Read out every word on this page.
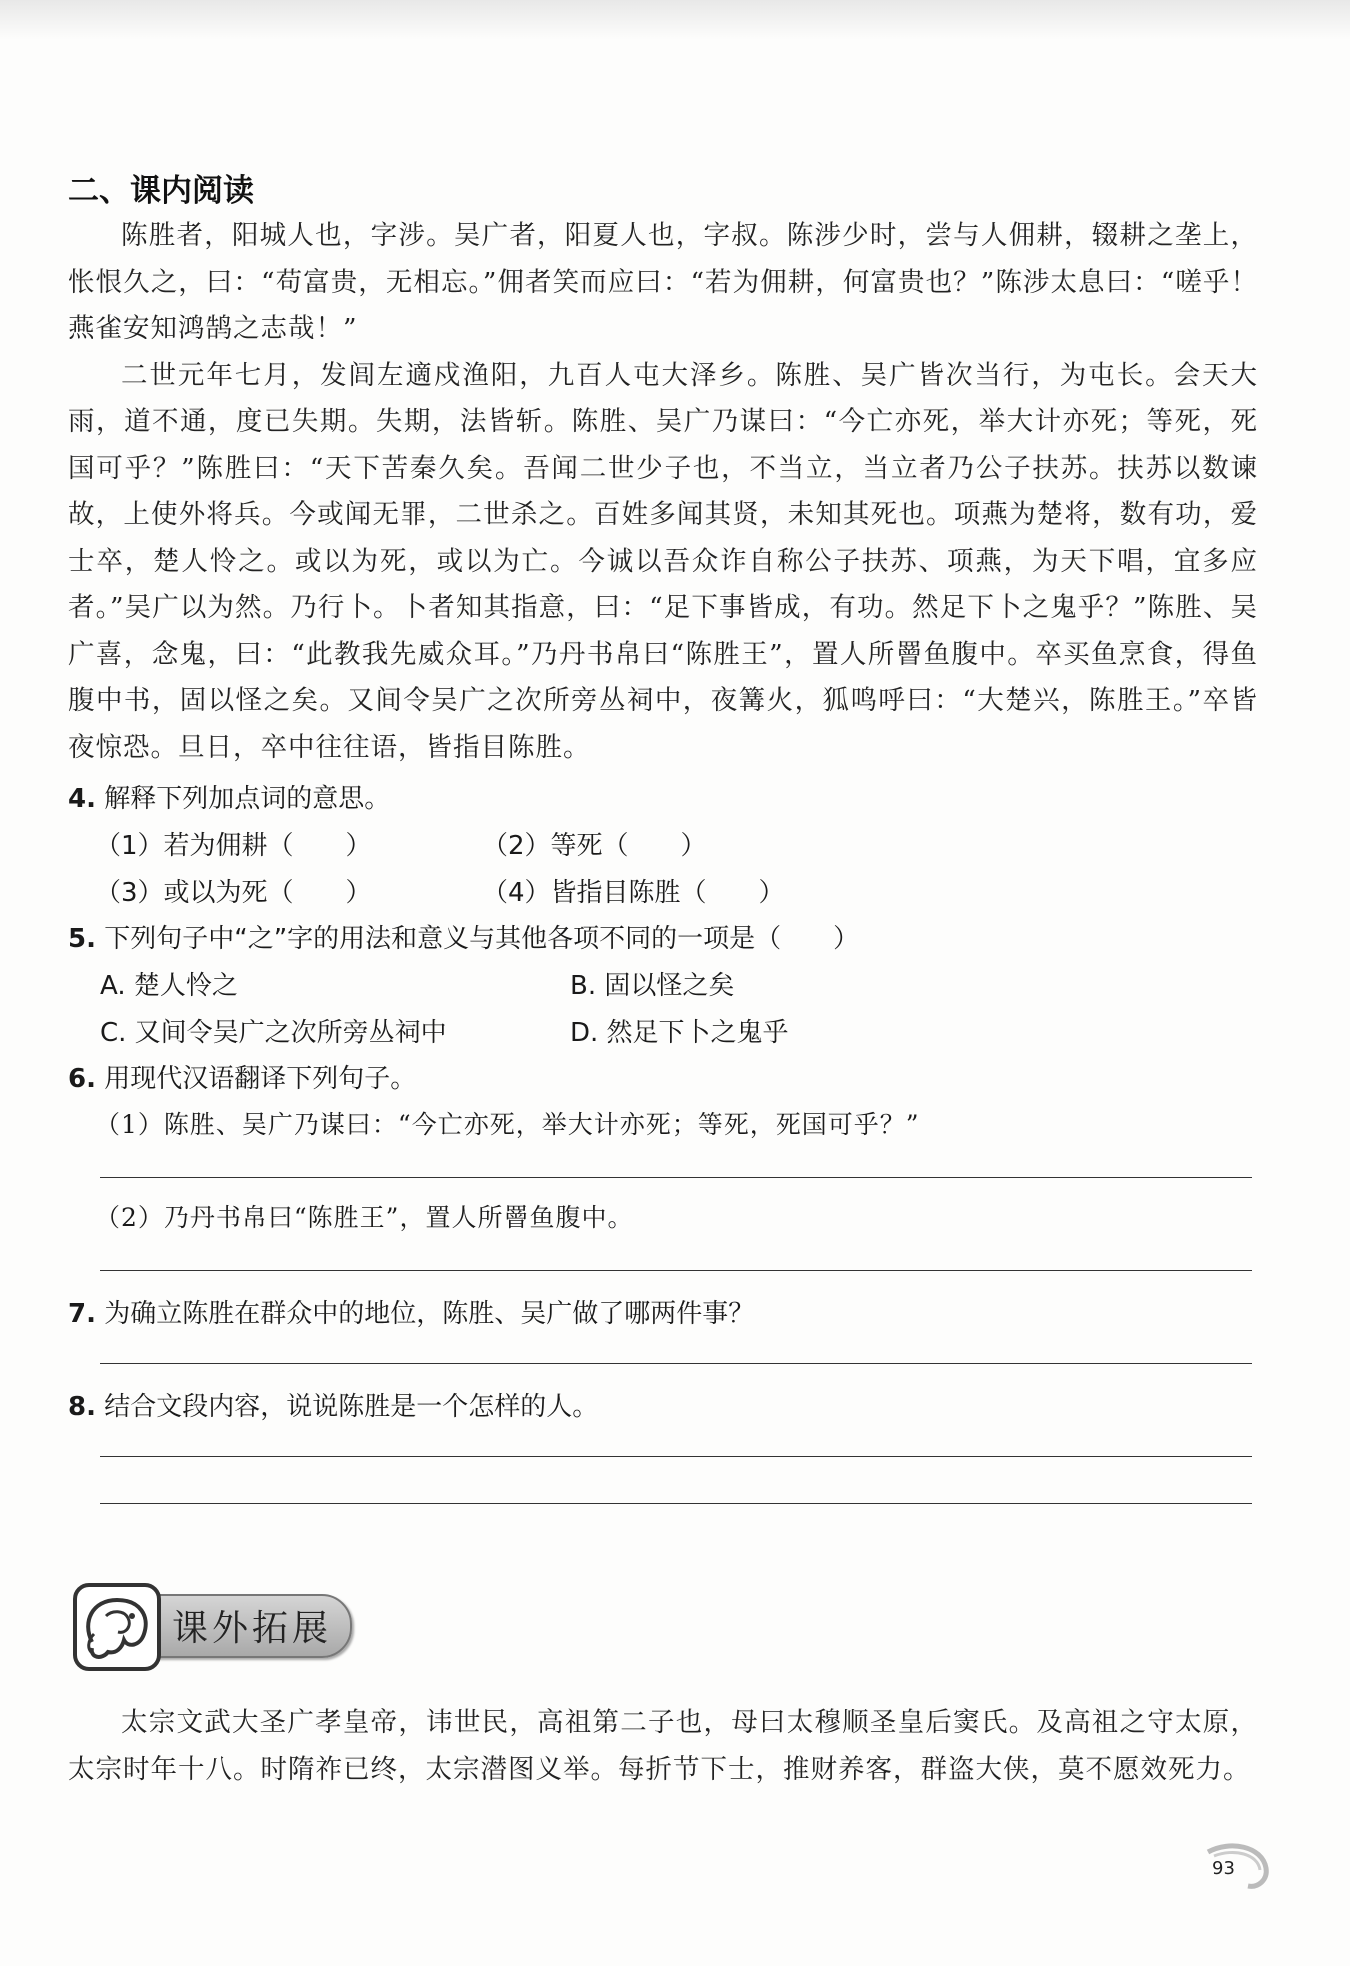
二、课内阅读

陈胜者，阳城人也，字涉。吴广者，阳夏人也，字叔。陈涉少时，尝与人佣耕，辍耕之垄上，怅恨久之，曰：“苟富贵，无相忘。”佣者笑而应曰：“若为佣耕，何富贵也？”陈涉太息曰：“嗟乎！燕雀安知鸿鹄之志哉！”

二世元年七月，发闾左適戍渔阳，九百人屯大泽乡。陈胜、吴广皆次当行，为屯长。会天大雨，道不通，度已失期。失期，法皆斩。陈胜、吴广乃谋曰：“今亡亦死，举大计亦死；等死，死国可乎？”陈胜曰：“天下苦秦久矣。吾闻二世少子也，不当立，当立者乃公子扶苏。扶苏以数谏故，上使外将兵。今或闻无罪，二世杀之。百姓多闻其贤，未知其死也。项燕为楚将，数有功，爱士卒，楚人怜之。或以为死，或以为亡。今诚以吾众诈自称公子扶苏、项燕，为天下唱，宜多应者。”吴广以为然。乃行卜。卜者知其指意，曰：“足下事皆成，有功。然足下卜之鬼乎？”陈胜、吴广喜，念鬼，曰：“此教我先威众耳。”乃丹书帛曰“陈胜王”，置人所罾鱼腹中。卒买鱼烹食，得鱼腹中书，固以怪之矣。又间令吴广之次所旁丛祠中，夜篝火，狐鸣呼曰：“大楚兴，陈胜王。”卒皆夜惊恐。旦日，卒中往往语，皆指目陈胜。

4. 解释下列加点词的意思。
（1）若为佣耕（　　）	（2）等死（　　）
（3）或以为死（　　）	（4）皆指目陈胜（　　）
5. 下列句子中“之”字的用法和意义与其他各项不同的一项是（　　）
A. 楚人怜之	B. 固以怪之矣
C. 又间令吴广之次所旁丛祠中	D. 然足下卜之鬼乎
6. 用现代汉语翻译下列句子。
（1）陈胜、吴广乃谋曰：“今亡亦死，举大计亦死；等死，死国可乎？”
（2）乃丹书帛曰“陈胜王”，置人所罾鱼腹中。
7. 为确立陈胜在群众中的地位，陈胜、吴广做了哪两件事？
8. 结合文段内容，说说陈胜是一个怎样的人。
课外拓展

太宗文武大圣广孝皇帝，讳世民，高祖第二子也，母曰太穆顺圣皇后窦氏。及高祖之守太原，太宗时年十八。时隋祚已终，太宗潜图义举。每折节下士，推财养客，群盗大侠，莫不愿效死力。

93
